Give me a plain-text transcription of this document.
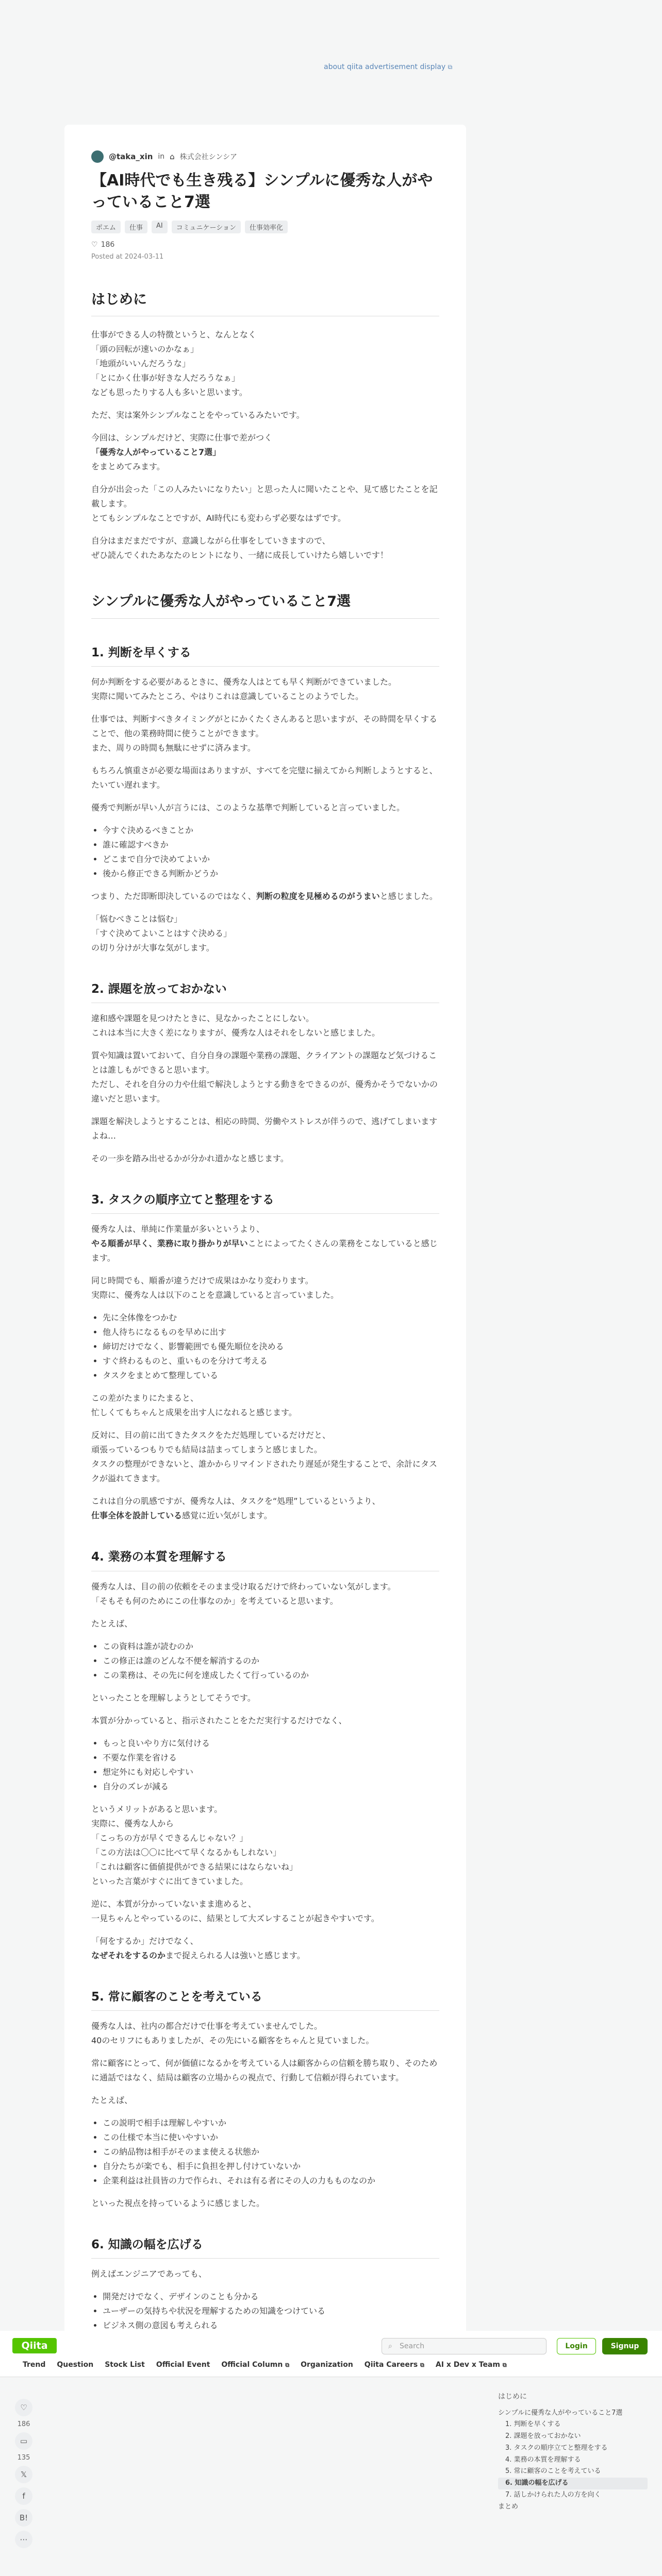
about qiita advertisement display ⧉
@taka_xin in ⌂ 株式会社シンシア
【AI時代でも生き残る】シンプルに優秀な人がやっていること7選
ポエム	仕事	AI	コミュニケーション	仕事効率化
♡ 186
Posted at 2024-03-11
はじめに

仕事ができる人の特徴というと、なんとなく
「頭の回転が速いのかなぁ」
「地頭がいいんだろうな」
「とにかく仕事が好きな人だろうなぁ」
なども思ったりする人も多いと思います。

ただ、実は案外シンプルなことをやっているみたいです。

今回は、シンプルだけど、実際に仕事で差がつく
「優秀な人がやっていること7選」
をまとめてみます。

自分が出会った「この人みたいになりたい」と思った人に聞いたことや、見て感じたことを記載します。
とてもシンプルなことですが、AI時代にも変わらず必要なはずです。

自分はまだまだですが、意識しながら仕事をしていきますので、
ぜひ読んでくれたあなたのヒントになり、一緒に成長していけたら嬉しいです！

シンプルに優秀な人がやっていること7選
1. 判断を早くする

何か判断をする必要があるときに、優秀な人はとても早く判断ができていました。
実際に聞いてみたところ、やはりこれは意識していることのようでした。

仕事では、判断すべきタイミングがとにかくたくさんあると思いますが、その時間を早くすることで、他の業務時間に使うことができます。
また、周りの時間も無駄にせずに済みます。

もちろん慎重さが必要な場面はありますが、すべてを完璧に揃えてから判断しようとすると、たいてい遅れます。

優秀で判断が早い人が言うには、このような基準で判断していると言っていました。

• 今すぐ決めるべきことか
• 誰に確認すべきか
• どこまで自分で決めてよいか
• 後から修正できる判断かどうか

つまり、ただ即断即決しているのではなく、判断の粒度を見極めるのがうまいと感じました。

「悩むべきことは悩む」
「すぐ決めてよいことはすぐ決める」
の切り分けが大事な気がします。

2. 課題を放っておかない

違和感や課題を見つけたときに、見なかったことにしない。
これは本当に大きく差になりますが、優秀な人はそれをしないと感じました。

質や知識は置いておいて、自分自身の課題や業務の課題、クライアントの課題など気づけることは誰しもができると思います。
ただし、それを自分の力や仕組で解決しようとする動きをできるのが、優秀かそうでないかの違いだと思います。

課題を解決しようとすることは、相応の時間、労働やストレスが伴うので、逃げてしまいますよね…

その一歩を踏み出せるかが分かれ道かなと感じます。

3. タスクの順序立てと整理をする

優秀な人は、単純に作業量が多いというより、
やる順番が早く、業務に取り掛かりが早いことによってたくさんの業務をこなしていると感じます。

同じ時間でも、順番が違うだけで成果はかなり変わります。
実際に、優秀な人は以下のことを意識していると言っていました。

• 先に全体像をつかむ
• 他人待ちになるものを早めに出す
• 締切だけでなく、影響範囲でも優先順位を決める
• すぐ終わるものと、重いものを分けて考える
• タスクをまとめて整理している

この差がたまりにたまると、
忙しくてもちゃんと成果を出す人になれると感じます。

反対に、目の前に出てきたタスクをただ処理しているだけだと、
頑張っているつもりでも結局は詰まってしまうと感じました。
タスクの整理ができないと、誰かからリマインドされたり遅延が発生することで、余計にタスクが溢れてきます。

これは自分の肌感ですが、優秀な人は、タスクを“処理”しているというより、
仕事全体を設計している感覚に近い気がします。

4. 業務の本質を理解する

優秀な人は、目の前の依頼をそのまま受け取るだけで終わっていない気がします。
「そもそも何のためにこの仕事なのか」を考えていると思います。

たとえば、

• この資料は誰が読むのか
• この修正は誰のどんな不便を解消するのか
• この業務は、その先に何を達成したくて行っているのか

といったことを理解しようとしてそうです。

本質が分かっていると、指示されたことをただ実行するだけでなく、

• もっと良いやり方に気付ける
• 不要な作業を省ける
• 想定外にも対応しやすい
• 自分のズレが減る

というメリットがあると思います。
実際に、優秀な人から
「こっちの方が早くできるんじゃない？」
「この方法は〇〇に比べて早くなるかもしれない」
「これは顧客に価値提供ができる結果にはならないね」
といった言葉がすぐに出てきていました。

逆に、本質が分かっていないまま進めると、
一見ちゃんとやっているのに、結果として大ズレすることが起きやすいです。

「何をするか」だけでなく、
なぜそれをするのかまで捉えられる人は強いと感じます。

5. 常に顧客のことを考えている

優秀な人は、社内の都合だけで仕事を考えていませんでした。
40のセリフにもありましたが、その先にいる顧客をちゃんと見ていました。

常に顧客にとって、何が価値になるかを考えている人は顧客からの信頼を勝ち取り、そのために通話ではなく、結局は顧客の立場からの視点で、行動して信頼が得られています。

たとえば、

• この説明で相手は理解しやすいか
• この仕様で本当に使いやすいか
• この納品物は相手がそのまま使える状態か
• 自分たちが楽でも、相手に負担を押し付けていないか
• 企業利益は社員皆の力で作られ、それは有る者にその人の力もものなのか

といった視点を持っているように感じました。

6. 知識の幅を広げる

例えばエンジニアであっても、

• 開発だけでなく、デザインのことも分かる
• ユーザーの気持ちや状況を理解するための知識をつけている
• ビジネス側の意図も考えられる
•

Qiita	⌕ Search	Login	Signup
Trend Question Stock List Official Event Official Column ⧉ Organization Qiita Careers ⧉ AI x Dev x Team ⧉
♡
186
▭
135
𝕏
f
B!
⋯
はじめに
シンプルに優秀な人がやっていること7選
1. 判断を早くする
2. 課題を放っておかない
3. タスクの順序立てと整理をする
4. 業務の本質を理解する
5. 常に顧客のことを考えている
6. 知識の幅を広げる
7. 話しかけられた人の方を向く
まとめ
